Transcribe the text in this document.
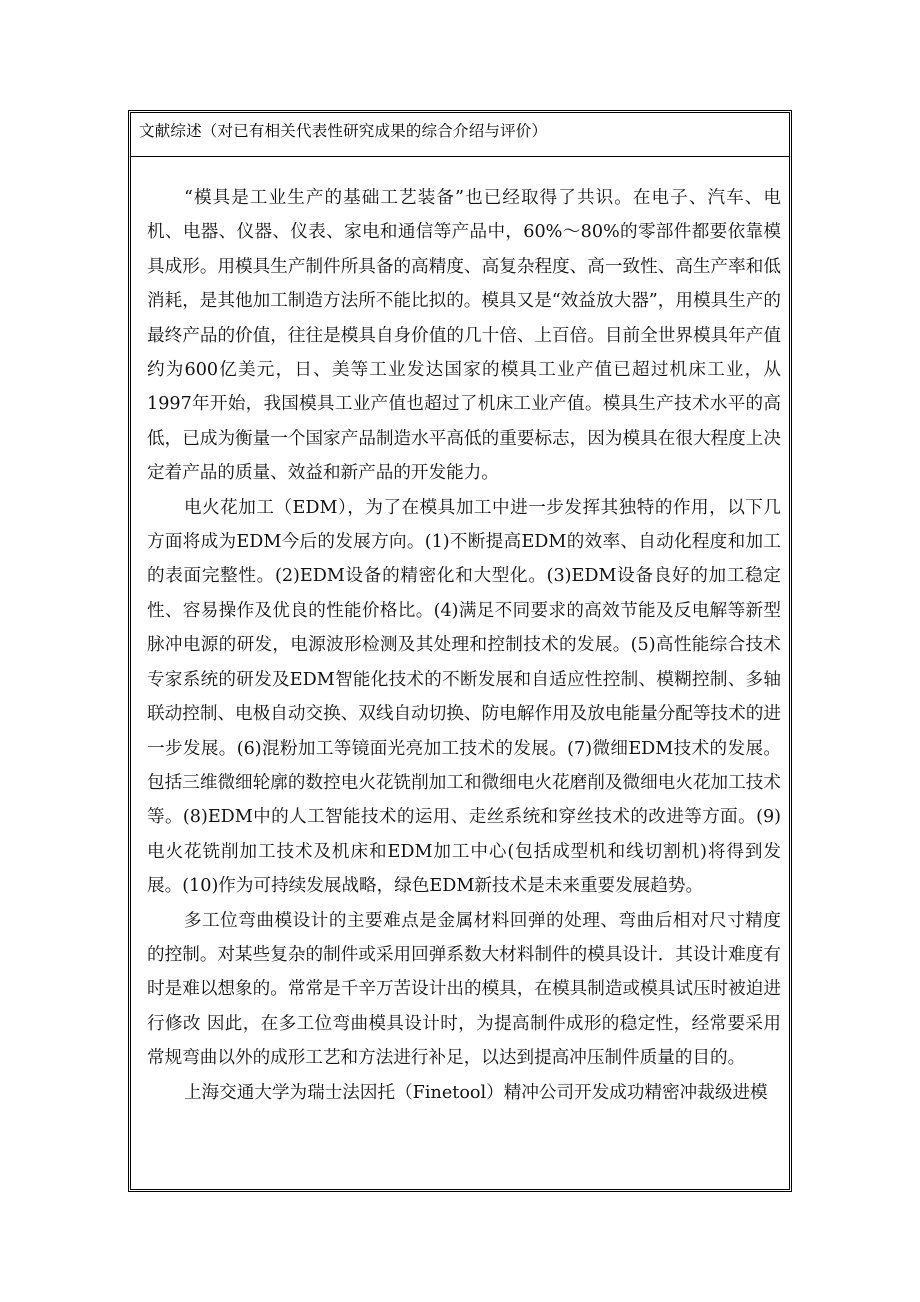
文献综述（对已有相关代表性研究成果的综合介绍与评价）

“模具是工业生产的基础工艺装备”也已经取得了共识。在电子、汽车、电机、电器、仪器、仪表、家电和通信等产品中，60%～80%的零部件都要依靠模具成形。用模具生产制件所具备的高精度、高复杂程度、高一致性、高生产率和低消耗，是其他加工制造方法所不能比拟的。模具又是“效益放大器”，用模具生产的最终产品的价值，往往是模具自身价值的几十倍、上百倍。目前全世界模具年产值约为600亿美元，日、美等工业发达国家的模具工业产值已超过机床工业，从1997年开始，我国模具工业产值也超过了机床工业产值。模具生产技术水平的高低，已成为衡量一个国家产品制造水平高低的重要标志，因为模具在很大程度上决定着产品的质量、效益和新产品的开发能力。

电火花加工（EDM），为了在模具加工中进一步发挥其独特的作用，以下几方面将成为EDM今后的发展方向。(1)不断提高EDM的效率、自动化程度和加工的表面完整性。(2)EDM设备的精密化和大型化。(3)EDM设备良好的加工稳定性、容易操作及优良的性能价格比。(4)满足不同要求的高效节能及反电解等新型脉冲电源的研发，电源波形检测及其处理和控制技术的发展。(5)高性能综合技术专家系统的研发及EDM智能化技术的不断发展和自适应性控制、模糊控制、多轴联动控制、电极自动交换、双线自动切换、防电解作用及放电能量分配等技术的进一步发展。(6)混粉加工等镜面光亮加工技术的发展。(7)微细EDM技术的发展。包括三维微细轮廓的数控电火花铣削加工和微细电火花磨削及微细电火花加工技术等。(8)EDM中的人工智能技术的运用、走丝系统和穿丝技术的改进等方面。(9)电火花铣削加工技术及机床和EDM加工中心(包括成型机和线切割机)将得到发展。(10)作为可持续发展战略，绿色EDM新技术是未来重要发展趋势。

多工位弯曲模设计的主要难点是金属材料回弹的处理、弯曲后相对尺寸精度的控制。对某些复杂的制件或采用回弹系数大材料制件的模具设计．其设计难度有时是难以想象的。常常是千辛万苦设计出的模具，在模具制造或模具试压时被迫进行修改 因此，在多工位弯曲模具设计时，为提高制件成形的稳定性，经常要采用常规弯曲以外的成形工艺和方法进行补足，以达到提高冲压制件质量的目的。

上海交通大学为瑞士法因托（Finetool）精冲公司开发成功精密冲裁级进模
